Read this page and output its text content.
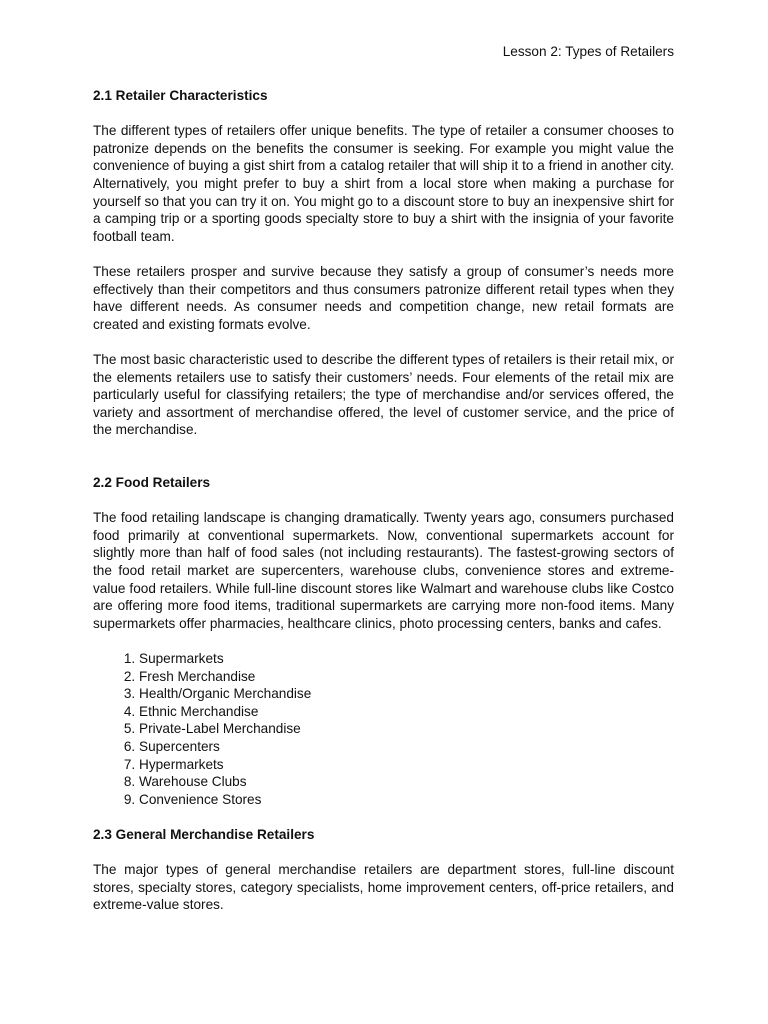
Lesson 2: Types of Retailers
2.1 Retailer Characteristics

The different types of retailers offer unique benefits. The type of retailer a consumer chooses to patronize depends on the benefits the consumer is seeking. For example you might value the convenience of buying a gist shirt from a catalog retailer that will ship it to a friend in another city. Alternatively, you might prefer to buy a shirt from a local store when making a purchase for yourself so that you can try it on. You might go to a discount store to buy an inexpensive shirt for a camping trip or a sporting goods specialty store to buy a shirt with the insignia of your favorite football team.

These retailers prosper and survive because they satisfy a group of consumer’s needs more effectively than their competitors and thus consumers patronize different retail types when they have different needs. As consumer needs and competition change, new retail formats are created and existing formats evolve.

The most basic characteristic used to describe the different types of retailers is their retail mix, or the elements retailers use to satisfy their customers’ needs. Four elements of the retail mix are particularly useful for classifying retailers; the type of merchandise and/or services offered, the variety and assortment of merchandise offered, the level of customer service, and the price of the merchandise.

2.2 Food Retailers

The food retailing landscape is changing dramatically. Twenty years ago, consumers purchased food primarily at conventional supermarkets. Now, conventional supermarkets account for slightly more than half of food sales (not including restaurants). The fastest-growing sectors of the food retail market are supercenters, warehouse clubs, convenience stores and extreme-value food retailers. While full-line discount stores like Walmart and warehouse clubs like Costco are offering more food items, traditional supermarkets are carrying more non-food items. Many supermarkets offer pharmacies, healthcare clinics, photo processing centers, banks and cafes.

1. Supermarkets
2. Fresh Merchandise
3. Health/Organic Merchandise
4. Ethnic Merchandise
5. Private-Label Merchandise
6. Supercenters
7. Hypermarkets
8. Warehouse Clubs
9. Convenience Stores
2.3 General Merchandise Retailers

The major types of general merchandise retailers are department stores, full-line discount stores, specialty stores, category specialists, home improvement centers, off-price retailers, and extreme-value stores.
